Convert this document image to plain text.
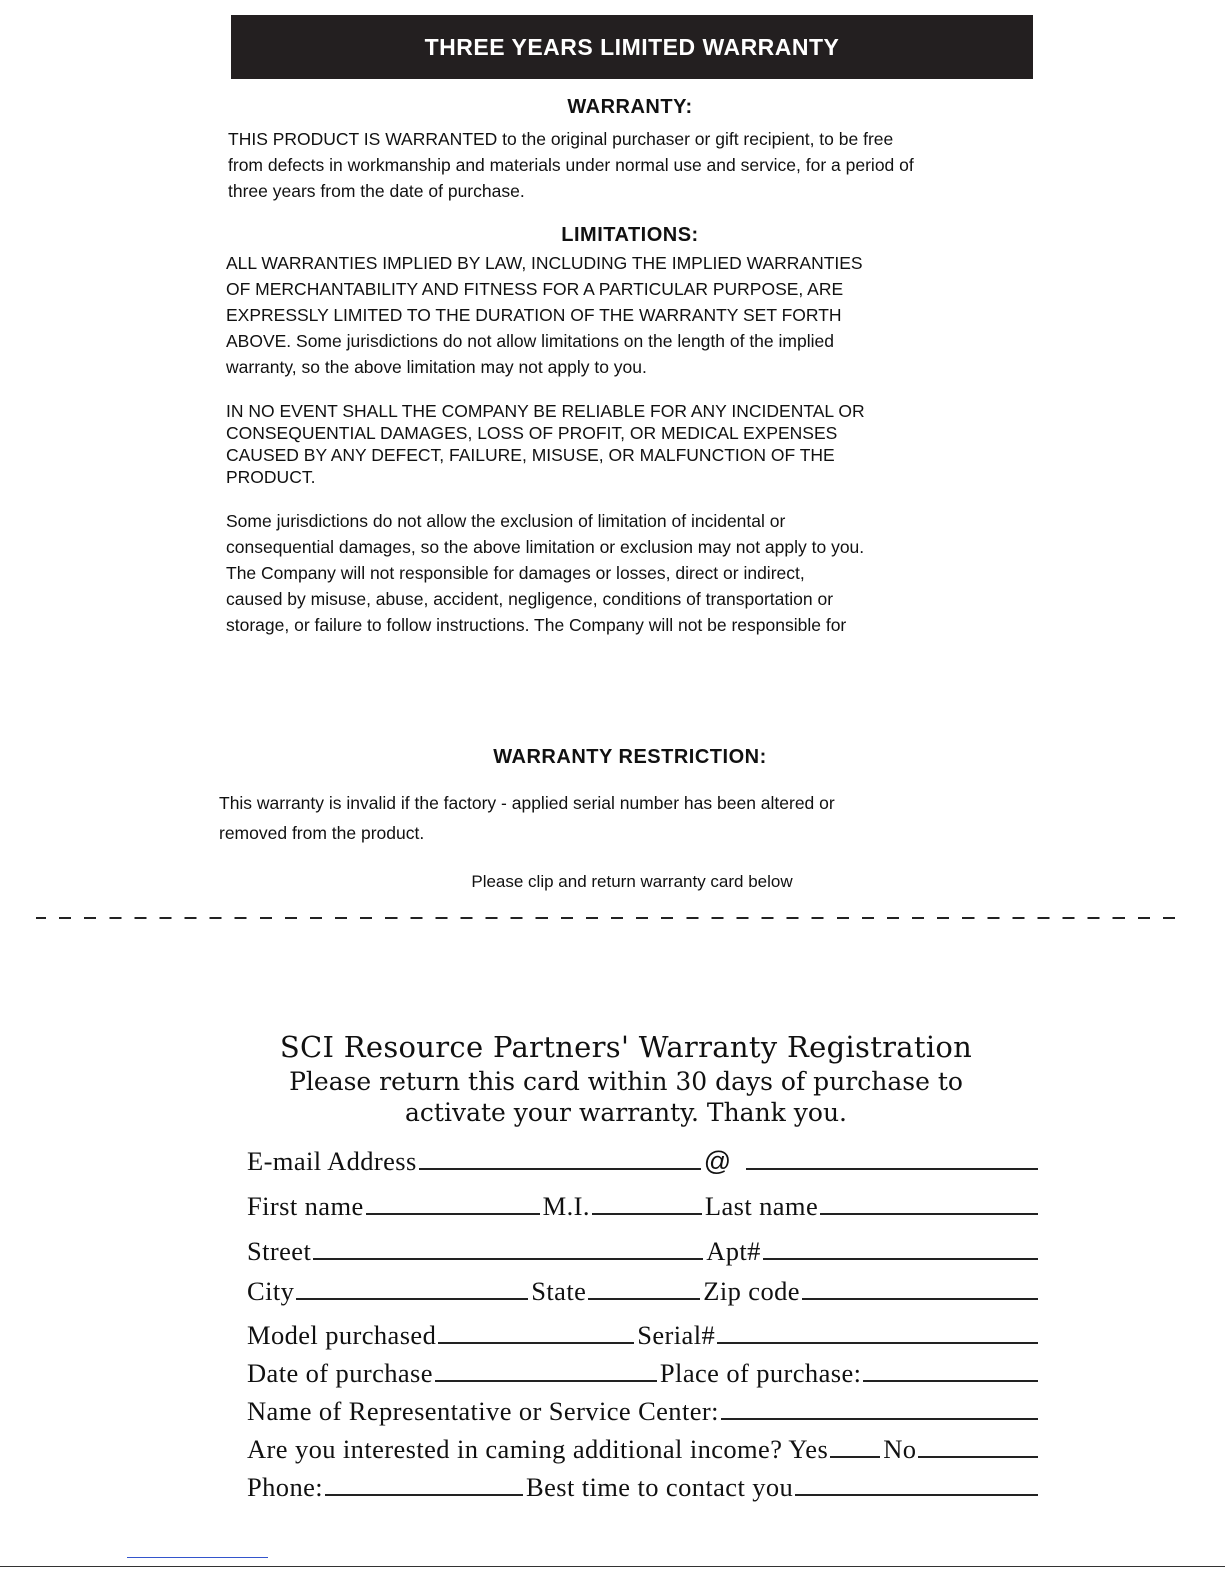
THREE YEARS LIMITED WARRANTY
WARRANTY:
THIS PRODUCT IS WARRANTED to the original purchaser or gift recipient, to be free
from defects in workmanship and materials under normal use and service, for a period of
three years from the date of purchase.
LIMITATIONS:
ALL WARRANTIES IMPLIED BY LAW, INCLUDING THE IMPLIED WARRANTIES
OF MERCHANTABILITY AND FITNESS FOR A PARTICULAR PURPOSE, ARE
EXPRESSLY LIMITED TO THE DURATION OF THE WARRANTY SET FORTH
ABOVE. Some jurisdictions do not allow limitations on the length of the implied
warranty, so the above limitation may not apply to you.
IN NO EVENT SHALL THE COMPANY BE RELIABLE FOR ANY INCIDENTAL OR
CONSEQUENTIAL DAMAGES, LOSS OF PROFIT, OR MEDICAL EXPENSES
CAUSED BY ANY DEFECT, FAILURE, MISUSE, OR MALFUNCTION OF THE
PRODUCT.
Some jurisdictions do not allow the exclusion of limitation of incidental or
consequential damages, so the above limitation or exclusion may not apply to you.
The Company will not responsible for damages or losses, direct or indirect,
caused by misuse, abuse, accident, negligence, conditions of transportation or
storage, or failure to follow instructions. The Company will not be responsible for
WARRANTY RESTRICTION:
This warranty is invalid if the factory - applied serial number has been altered or
removed from the product.
Please clip and return warranty card below
SCI Resource Partners' Warranty Registration
Please return this card within 30 days of purchase to
activate your warranty. Thank you.
E-mail Address	@
First name	M.I.	Last name
Street	Apt#
City	State	Zip code
Model purchased	Serial#
Date of purchase	Place of purchase:
Name of Representative or Service Center:
Are you interested in caming additional income? Yes No
Phone:	Best time to contact you
